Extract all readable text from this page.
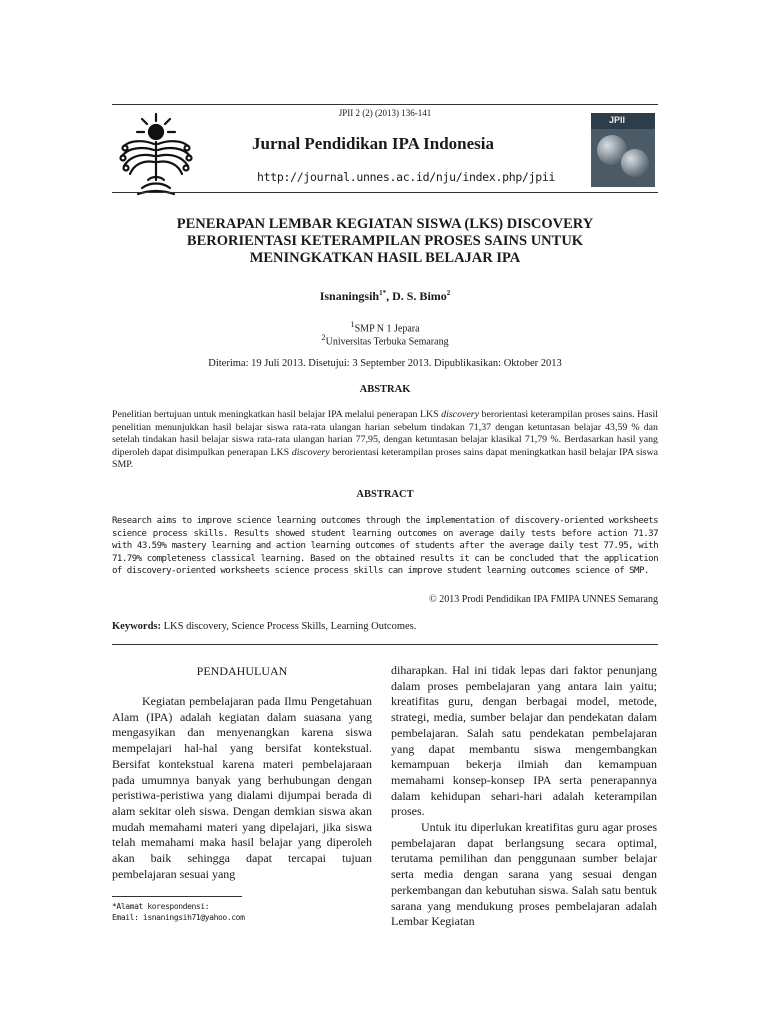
JPII 2 (2) (2013) 136-141
Jurnal Pendidikan IPA Indonesia
http://journal.unnes.ac.id/nju/index.php/jpii
JPII
PENERAPAN LEMBAR KEGIATAN SISWA (LKS) DISCOVERY
BERORIENTASI KETERAMPILAN PROSES SAINS UNTUK
MENINGKATKAN HASIL BELAJAR IPA
Isnaningsih$^{1*}$, D. S. Bimo$^2$
$^1$SMP N 1 Jepara
$^2$Universitas Terbuka Semarang
Diterima: 19 Juli 2013. Disetujui: 3 September 2013. Dipublikasikan: Oktober 2013
ABSTRAK
Penelitian bertujuan untuk meningkatkan hasil belajar IPA melalui penerapan LKS discovery berorientasi keterampilan proses sains. Hasil penelitian menunjukkan hasil belajar siswa rata-rata ulangan harian sebelum tindakan 71,37 dengan ketuntasan belajar 43,59 % dan setelah tindakan hasil belajar siswa rata-rata ulangan harian 77,95, dengan ketuntasan belajar klasikal 71,79 %. Berdasarkan hasil yang diperoleh dapat disimpulkan penerapan LKS discovery berorientasi keterampilan proses sains dapat meningkatkan hasil belajar IPA siswa SMP.
ABSTRACT
Research aims to improve science learning outcomes through the implementation of discovery-oriented worksheets science process skills. Results showed student learning outcomes on average daily tests before action 71.37 with 43.59% mastery learning and action learning outcomes of students after the average daily test 77.95, with 71.79% completeness classical learning. Based on the obtained results it can be concluded that the application of discovery-oriented worksheets science process skills can improve student learning outcomes science of SMP.
© 2013 Prodi Pendidikan IPA FMIPA UNNES Semarang
Keywords: LKS discovery, Science Process Skills, Learning Outcomes.
PENDAHULUAN

Kegiatan pembelajaran pada Ilmu Pengetahuan Alam (IPA) adalah kegiatan dalam suasana yang mengasyikan dan menyenangkan karena siswa mempelajari hal-hal yang bersifat kontekstual. Bersifat kontekstual karena materi pembelajaraan pada umumnya banyak yang berhubungan dengan peristiwa-peristiwa yang dialami dijumpai berada di alam sekitar oleh siswa. Dengan demkian siswa akan mudah memahami materi yang dipelajari, jika siswa telah memahami maka hasil belajar yang diperoleh akan baik sehingga dapat tercapai tujuan pembelajaran sesuai yang

diharapkan. Hal ini tidak lepas dari faktor penunjang dalam proses pembelajaran yang antara lain yaitu; kreatifitas guru, dengan berbagai model, metode, strategi, media, sumber belajar dan pendekatan dalam pembelajaran. Salah satu pendekatan pembelajaran yang dapat membantu siswa mengembangkan kemampuan bekerja ilmiah dan kemampuan memahami konsep-konsep IPA serta penerapannya dalam kehidupan sehari-hari adalah keterampilan proses.

Untuk itu diperlukan kreatifitas guru agar proses pembelajaran dapat berlangsung secara optimal, terutama pemilihan dan penggunaan sumber belajar serta media dengan sarana yang sesuai dengan perkembangan dan kebutuhan siswa. Salah satu bentuk sarana yang mendukung proses pembelajaran adalah Lembar Kegiatan

*Alamat korespondensi:
Email: isnaningsih71@yahoo.com
